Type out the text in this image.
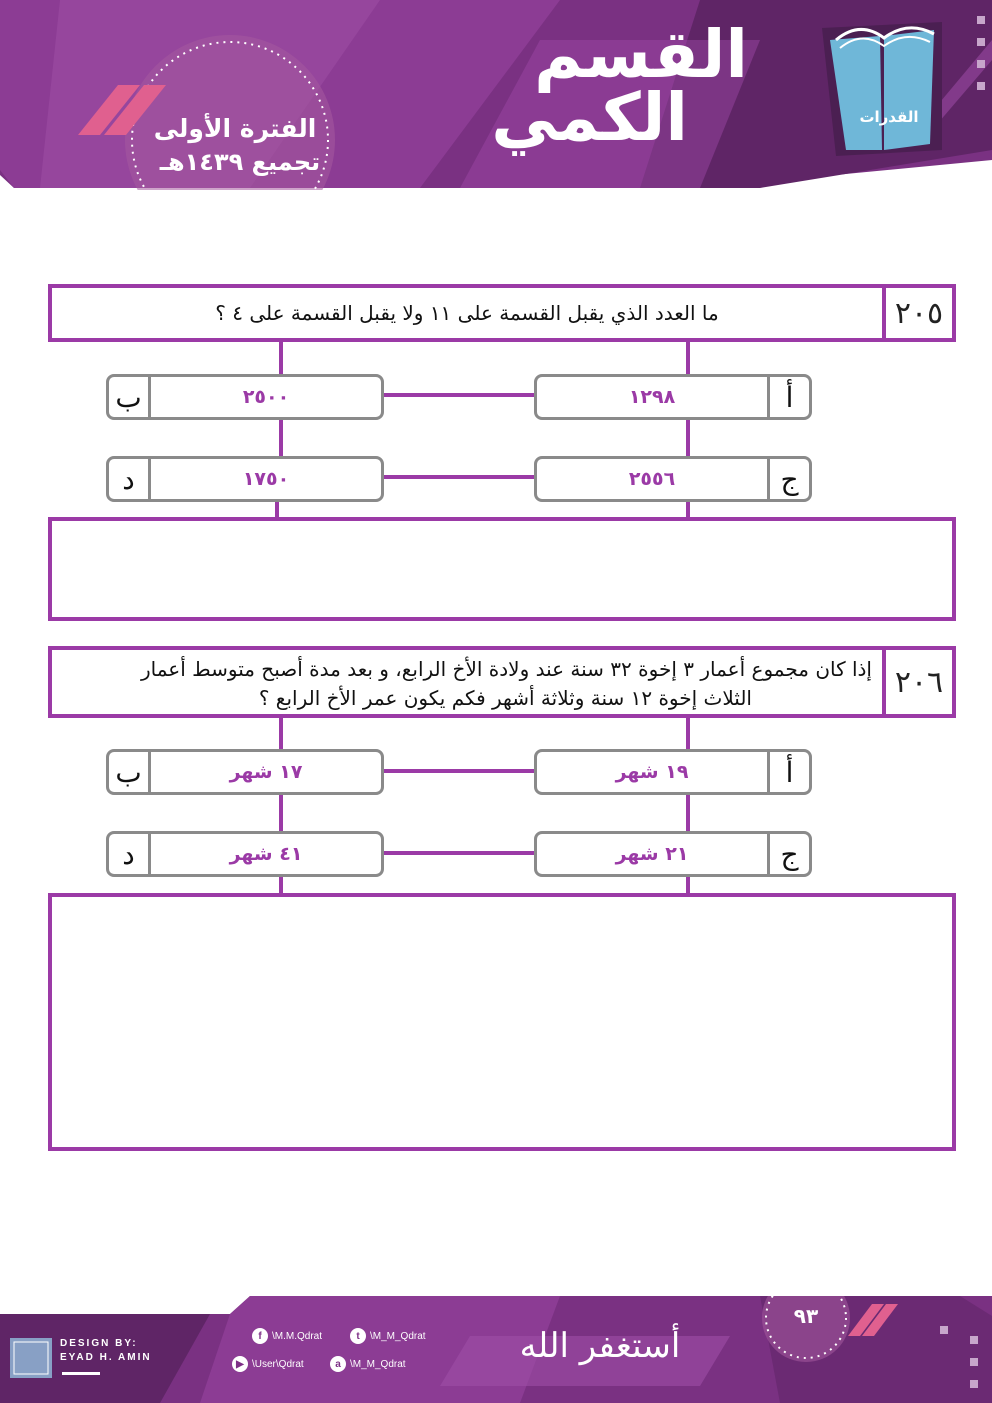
القسم
الكمي
الفترة الأولى
تجميع ١٤٣٩هـ
القدرات
٢٠٥
ما العدد الذي يقبل القسمة على ١١ ولا يقبل القسمة على ٤ ؟
أ
١٢٩٨
ب	٢٥٠٠
ج
٢٥٥٦
د	١٧٥٠
٢٠٦
إذا كان مجموع أعمار ٣ إخوة ٣٢ سنة عند ولادة الأخ الرابع، و بعد مدة أصبح متوسط أعمار
الثلاث إخوة ١٢ سنة وثلاثة أشهر فكم يكون عمر الأخ الرابع ؟
أ
١٩ شهر
ب	١٧ شهر
ج
٢١ شهر
د	٤١ شهر
DESIGN BY:
EYAD H. AMIN
f	\M.M.Qdrat	t	\M_M_Qdrat
▶ \User\Qdrat	a \M_M_Qdrat	أستغفر الله
٩٣
